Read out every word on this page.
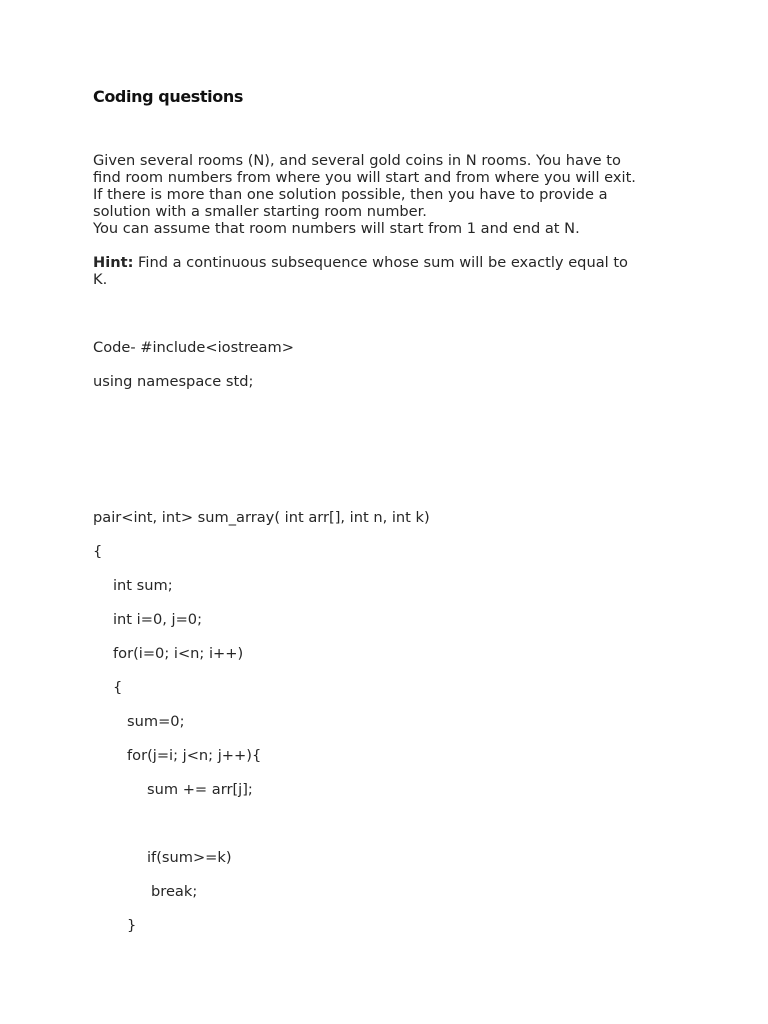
Coding questions
Given several rooms (N), and several gold coins in N rooms. You have to
find room numbers from where you will start and from where you will exit.
If there is more than one solution possible, then you have to provide a
solution with a smaller starting room number.
You can assume that room numbers will start from 1 and end at N.
Hint: Find a continuous subsequence whose sum will be exactly equal to
K.
Code- #include<iostream>
using namespace std;
pair<int, int> sum_array( int arr[], int n, int k)
{
int sum;
int i=0, j=0;
for(i=0; i<n; i++)
{
sum=0;
for(j=i; j<n; j++){
sum += arr[j];
if(sum>=k)
break;
}
